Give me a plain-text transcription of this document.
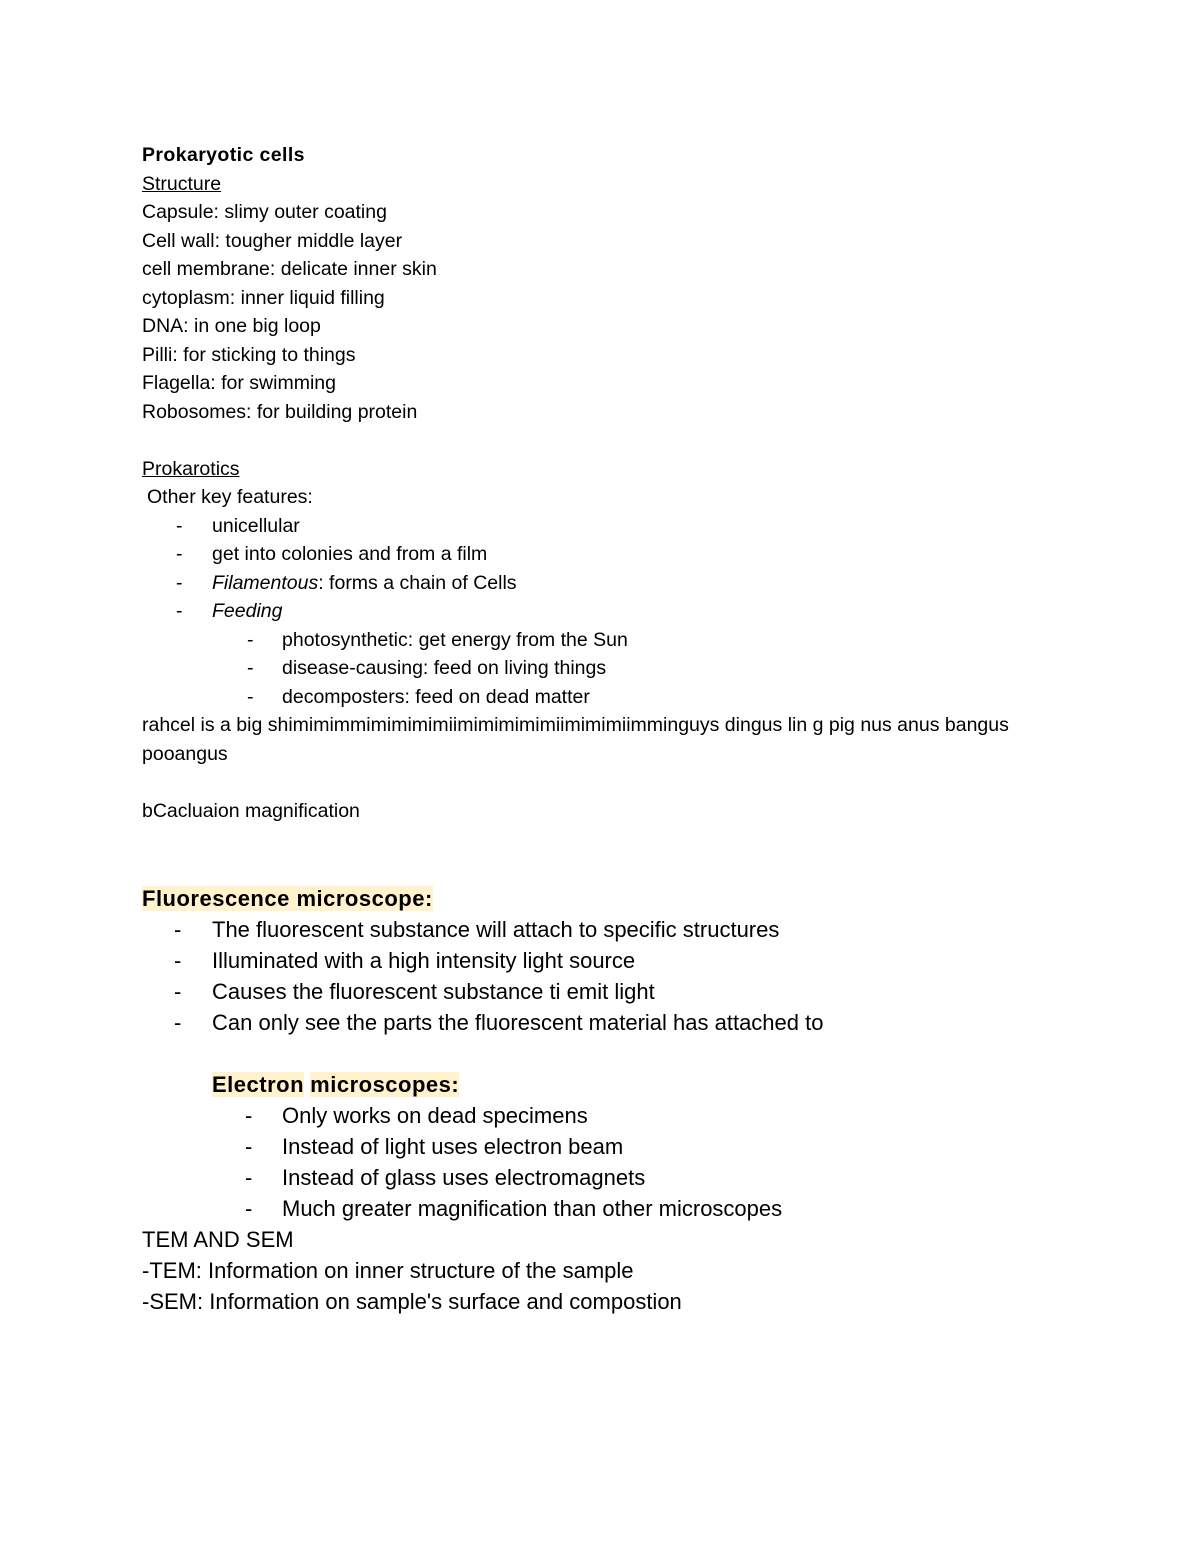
Prokaryotic cells
Structure
Capsule: slimy outer coating
Cell wall: tougher middle layer
cell membrane: delicate inner skin
cytoplasm: inner liquid filling
DNA: in one big loop
Pilli: for sticking to things
Flagella: for swimming
Robosomes: for building protein
Prokarotics
Other key features:
- unicellular
- get into colonies and from a film
- Filamentous: forms a chain of Cells
- Feeding
- photosynthetic: get energy from the Sun
- disease-causing: feed on living things
- decomposters: feed on dead matter
rahcel is a big shimimimmimimimimiimimimimimiimimimiimminguys dingus lin g pig nus anus bangus pooangus
bCacluaion magnification
Fluorescence microscope:
- The fluorescent substance will attach to specific structures
- Illuminated with a high intensity light source
- Causes the fluorescent substance ti emit light
- Can only see the parts the fluorescent material has attached to
Electron microscopes:
- Only works on dead specimens
- Instead of light uses electron beam
- Instead of glass uses electromagnets
- Much greater magnification than other microscopes
TEM AND SEM
-TEM: Information on inner structure of the sample
-SEM: Information on sample's surface and compostion
